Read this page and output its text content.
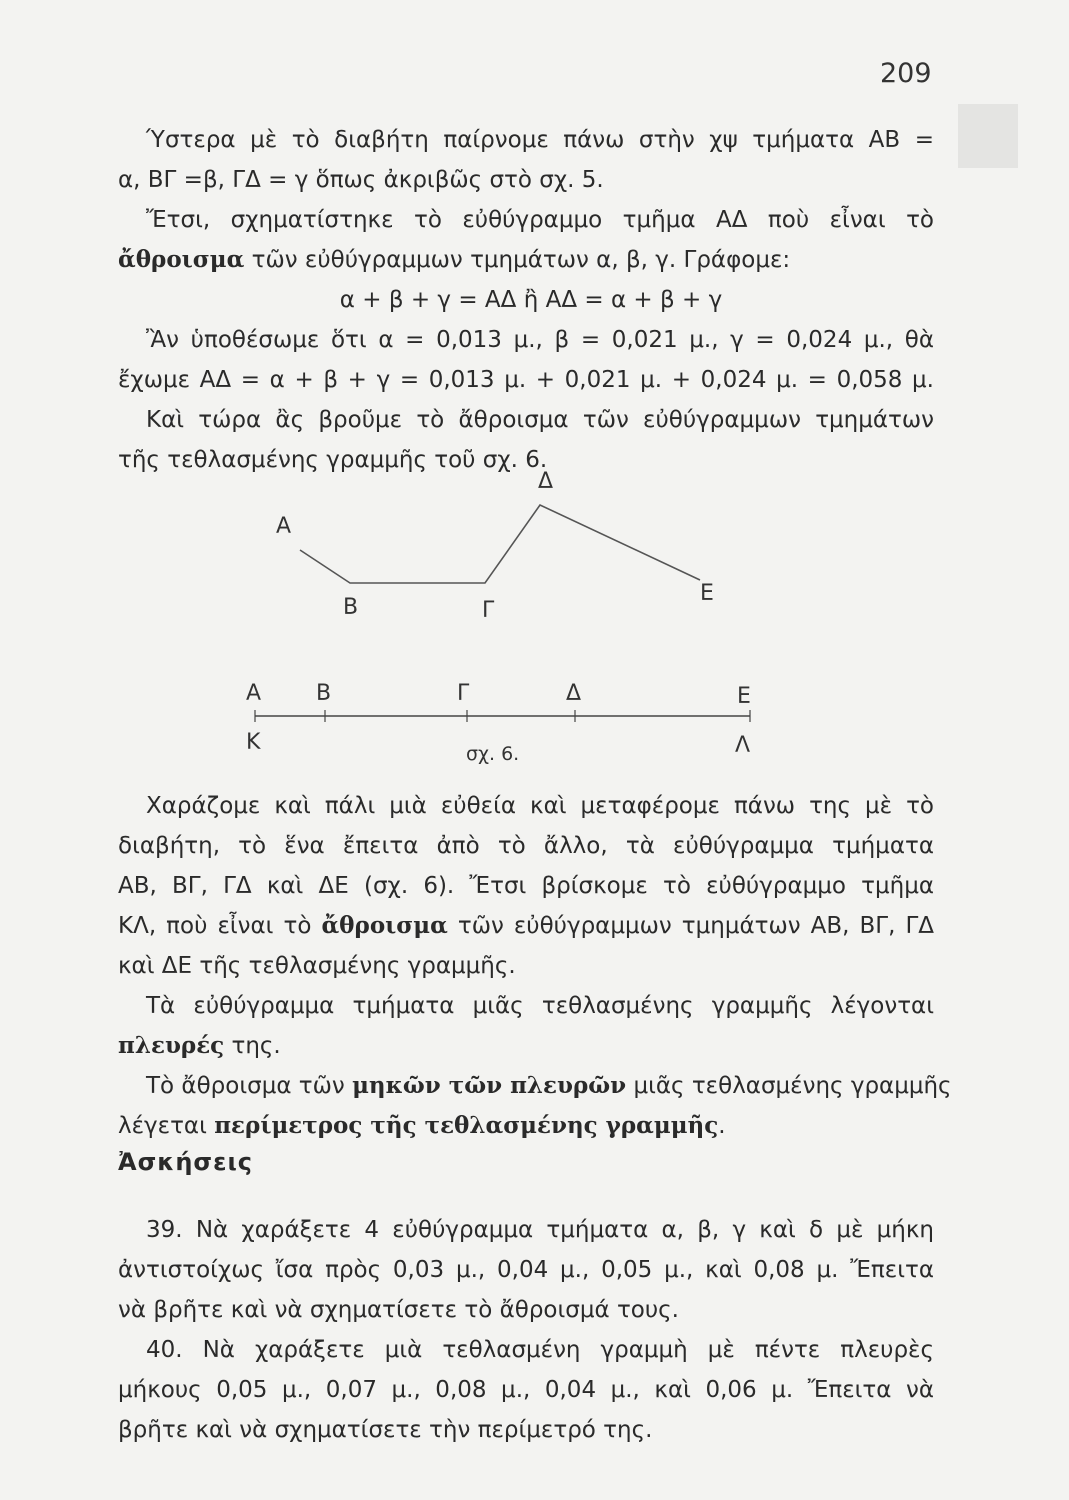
209
Ύστερα μὲ τὸ διαβήτη παίρνομε πάνω στὴν χψ τμήματα ΑΒ =
α, ΒΓ =β, ΓΔ = γ ὅπως ἀκριβῶς στὸ σχ. 5.
Ἔτσι, σχηματίστηκε τὸ εὐθύγραμμο τμῆμα ΑΔ ποὺ εἶναι τὸ
ἄθροισμα τῶν εὐθύγραμμων τμημάτων α, β, γ. Γράφομε:
α + β + γ = ΑΔ ἢ ΑΔ = α + β + γ
Ἂν ὑποθέσωμε ὅτι α = 0,013 μ., β = 0,021 μ., γ = 0,024 μ., θὰ
ἔχωμε ΑΔ = α + β + γ = 0,013 μ. + 0,021 μ. + 0,024 μ. = 0,058 μ.
Καὶ τώρα ἂς βροῦμε τὸ ἄθροισμα τῶν εὐθύγραμμων τμημάτων
τῆς τεθλασμένης γραμμῆς τοῦ σχ. 6.
Α
Β	Γ
Δ
Ε
Α Β	Γ	Δ	Ε
Κ	Λ
σχ. 6.
Χαράζομε καὶ πάλι μιὰ εὐθεία καὶ μεταφέρομε πάνω της μὲ τὸ
διαβήτη, τὸ ἕνα ἔπειτα ἀπὸ τὸ ἄλλο, τὰ εὐθύγραμμα τμήματα
ΑΒ, ΒΓ, ΓΔ καὶ ΔΕ (σχ. 6). Ἔτσι βρίσκομε τὸ εὐθύγραμμο τμῆμα
ΚΛ, ποὺ εἶναι τὸ ἄθροισμα τῶν εὐθύγραμμων τμημάτων ΑΒ, ΒΓ, ΓΔ
καὶ ΔΕ τῆς τεθλασμένης γραμμῆς.
Τὰ εὐθύγραμμα τμήματα μιᾶς τεθλασμένης γραμμῆς λέγονται
πλευρές της.
Τὸ ἄθροισμα τῶν μηκῶν τῶν πλευρῶν μιᾶς τεθλασμένης γραμμῆς
λέγεται περίμετρος τῆς τεθλασμένης γραμμῆς.
Ἀσκήσεις
39. Νὰ χαράξετε 4 εὐθύγραμμα τμήματα α, β, γ καὶ δ μὲ μήκη
ἀντιστοίχως ἴσα πρὸς 0,03 μ., 0,04 μ., 0,05 μ., καὶ 0,08 μ. Ἔπειτα
νὰ βρῆτε καὶ νὰ σχηματίσετε τὸ ἄθροισμά τους.
40. Νὰ χαράξετε μιὰ τεθλασμένη γραμμὴ μὲ πέντε πλευρὲς
μήκους 0,05 μ., 0,07 μ., 0,08 μ., 0,04 μ., καὶ 0,06 μ. Ἔπειτα νὰ
βρῆτε καὶ νὰ σχηματίσετε τὴν περίμετρό της.
